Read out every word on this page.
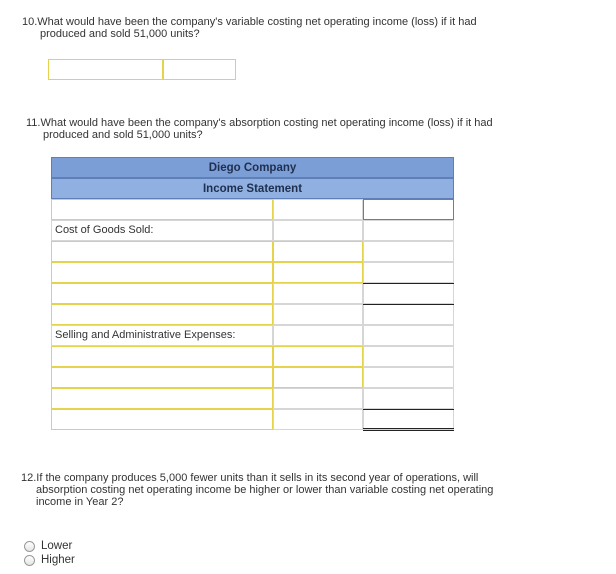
10.What would have been the company's variable costing net operating income (loss) if it had
produced and sold 51,000 units?
11.What would have been the company's absorption costing net operating income (loss) if it had
produced and sold 51,000 units?
Diego Company
Income Statement
Cost of Goods Sold:
Selling and Administrative Expenses:
12.If the company produces 5,000 fewer units than it sells in its second year of operations, will
absorption costing net operating income be higher or lower than variable costing net operating
income in Year 2?
Lower
Higher
